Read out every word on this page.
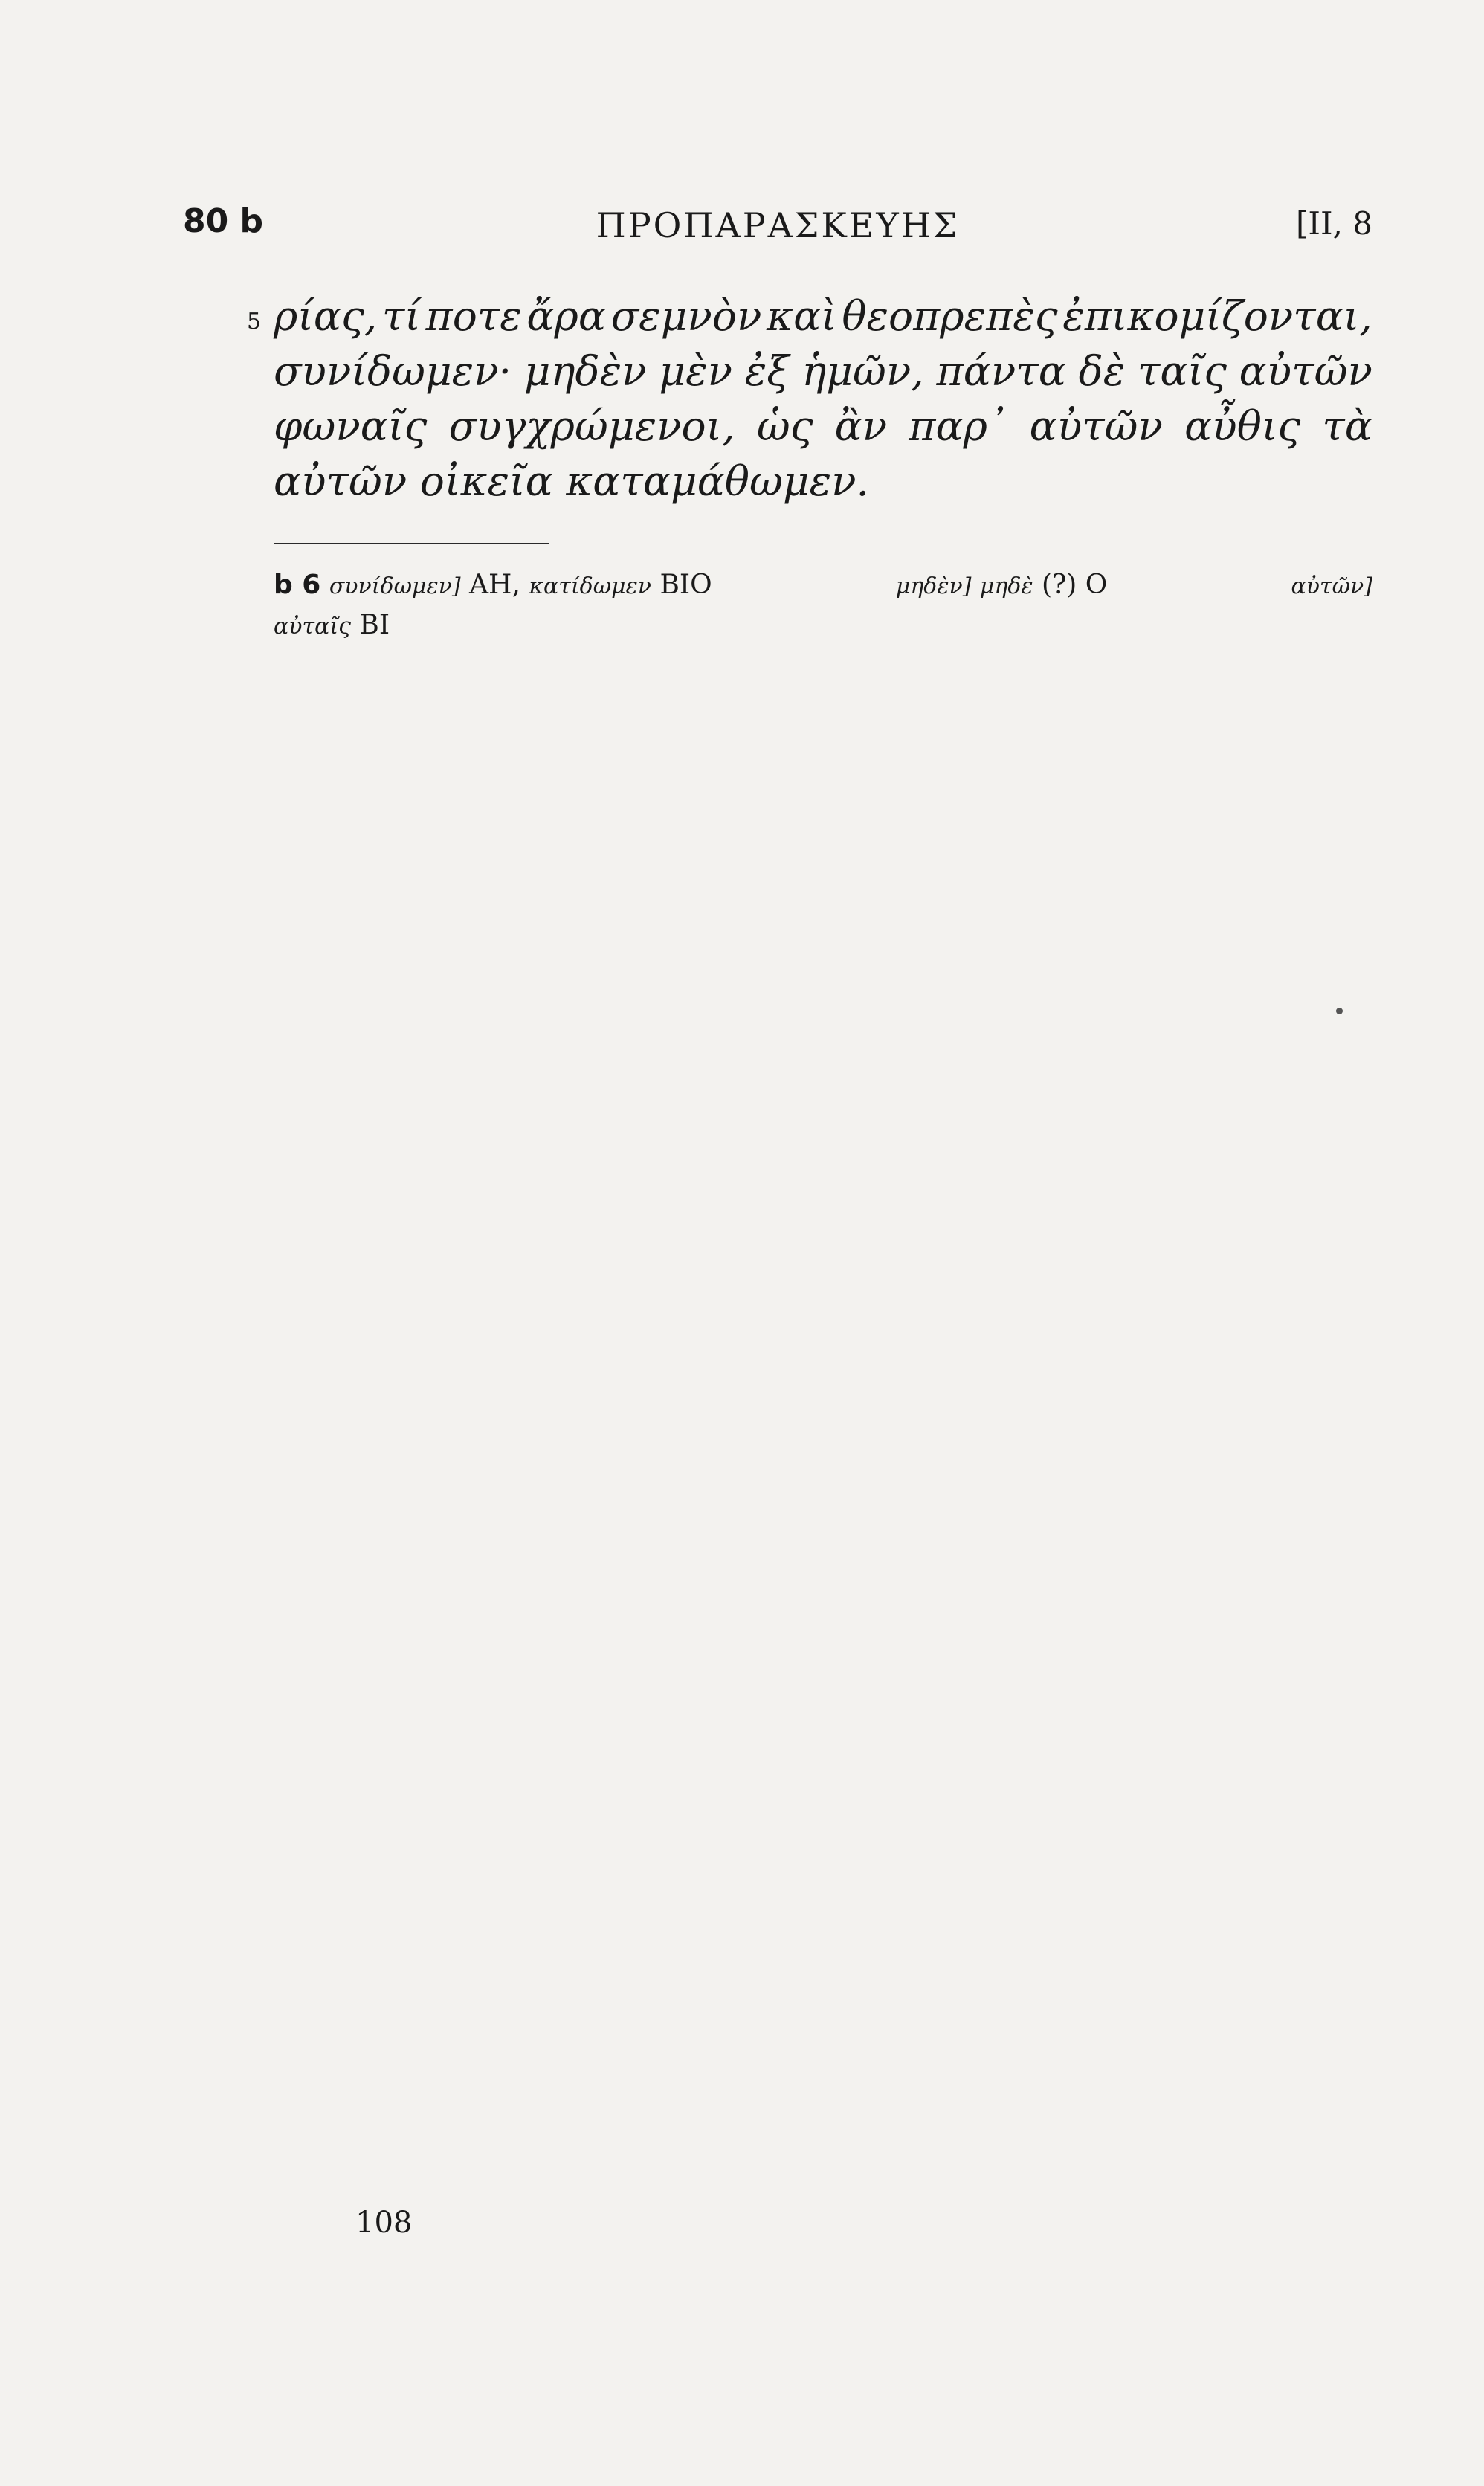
80 b	ΠΡΟΠΑΡΑΣΚΕΥΗΣ	[II, 8
5 ρίας, τί ποτε ἄρα σεμνὸν καὶ θεοπρεπὲς ἐπικομίζονται,
συνίδωμεν· μηδὲν μὲν ἐξ ἡμῶν, πάντα δὲ ταῖς αὐτῶν
φωναῖς συγχρώμενοι, ὡς ἂν παρ᾽ αὐτῶν αὖθις τὰ
αὐτῶν οἰκεῖα καταμάθωμεν.
b 6 συνίδωμεν] AH, κατίδωμεν BIO	μηδὲν] μηδὲ (?) O	αὐτῶν]
αὐταῖς BI
108
